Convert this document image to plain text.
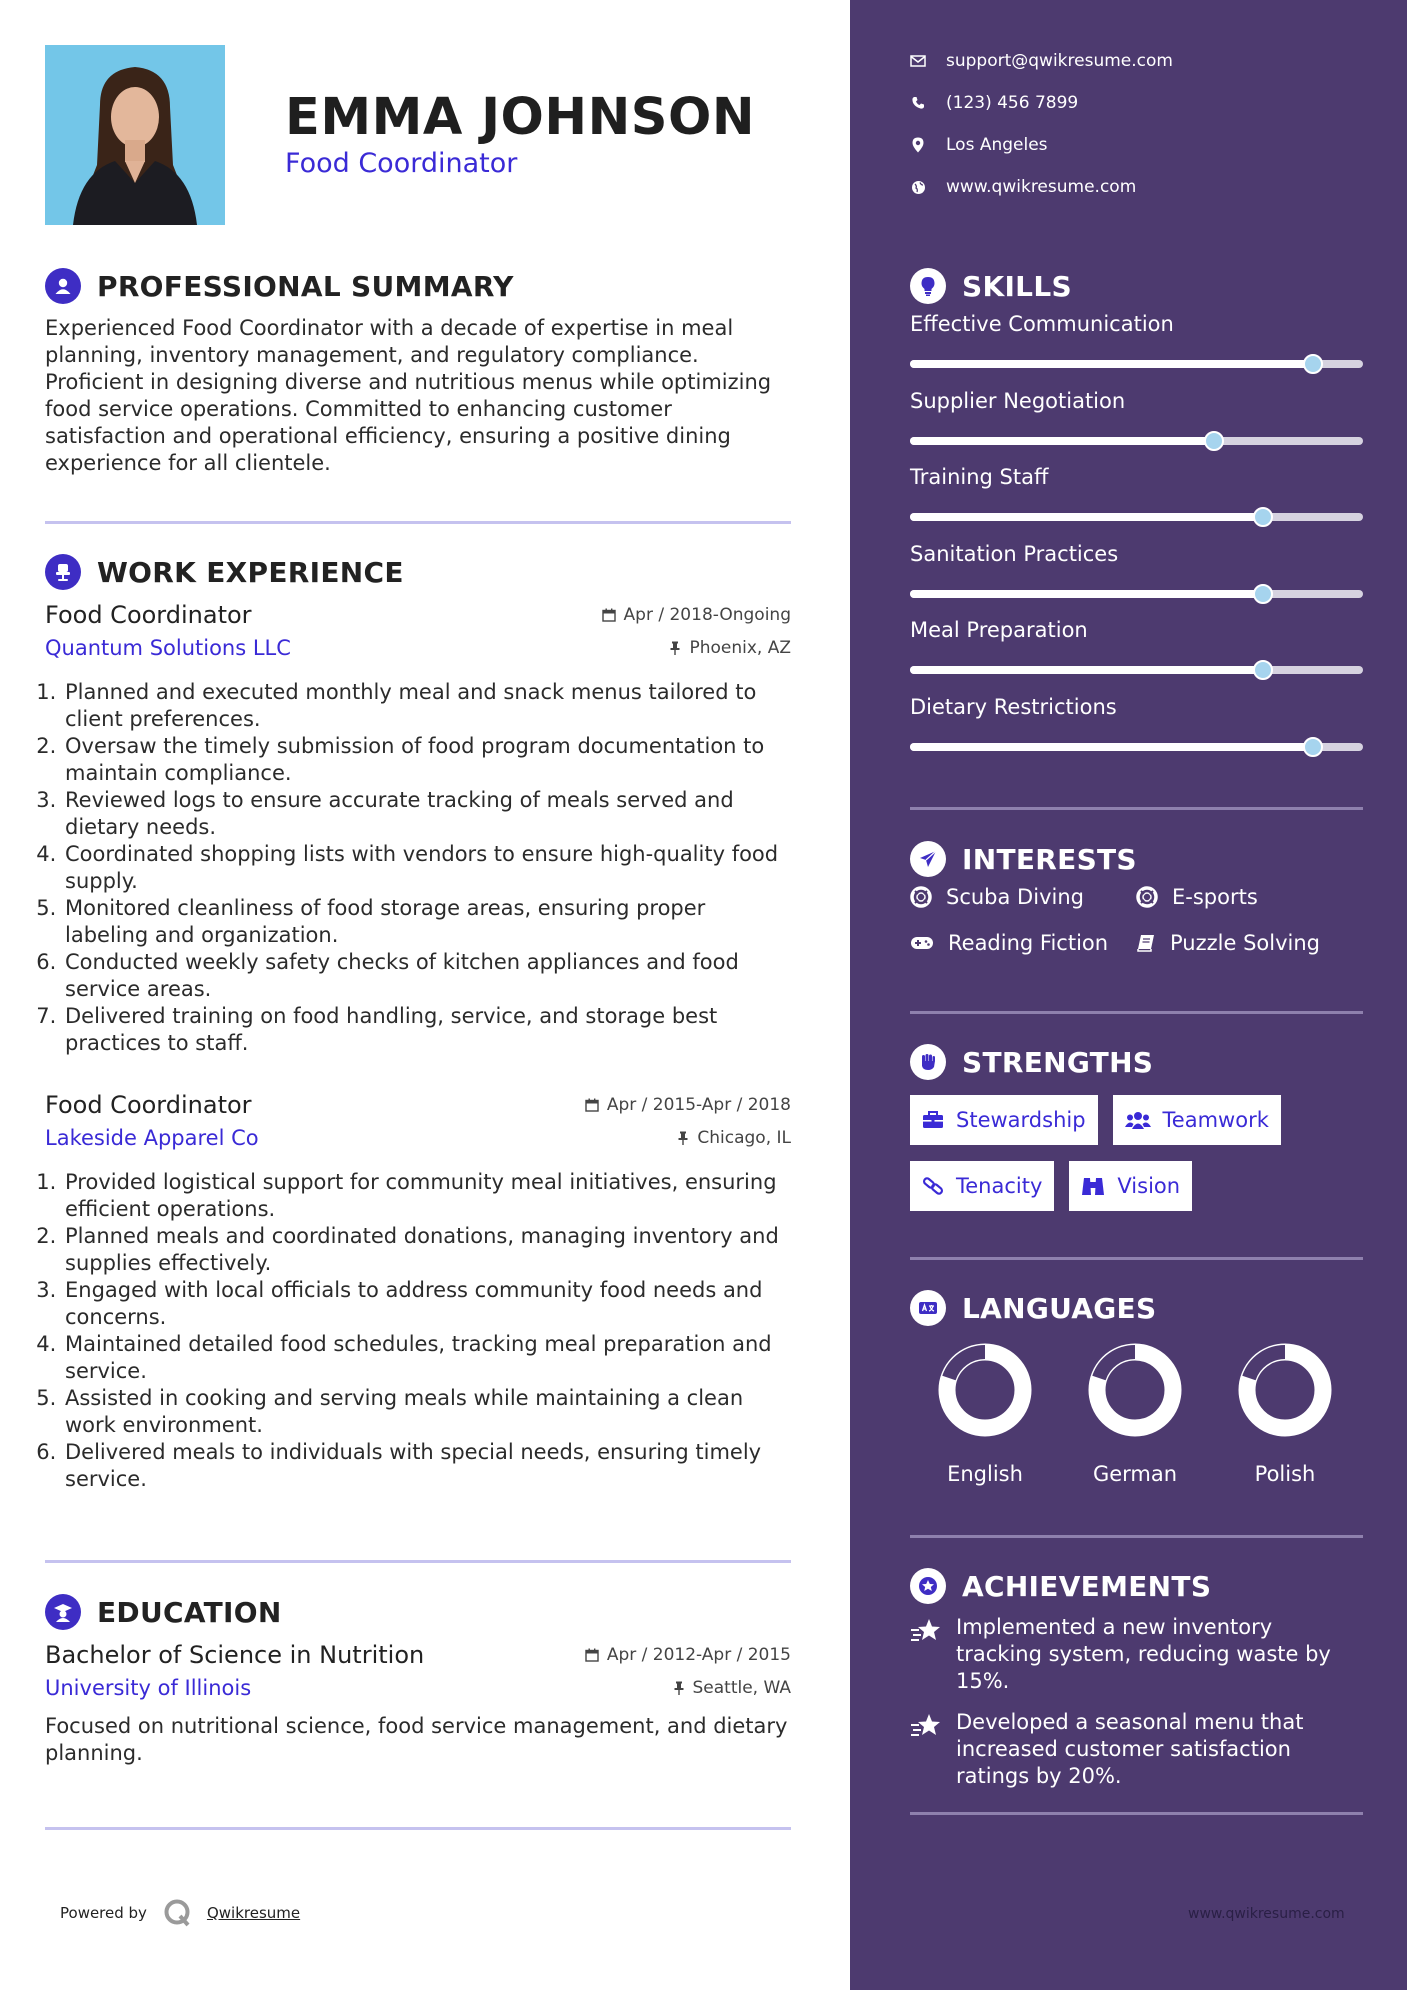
EMMA JOHNSON
Food Coordinator
PROFESSIONAL SUMMARY
Experienced Food Coordinator with a decade of expertise in meal planning, inventory management, and regulatory compliance. Proficient in designing diverse and nutritious menus while optimizing food service operations. Committed to enhancing customer satisfaction and operational efficiency, ensuring a positive dining experience for all clientele.
WORK EXPERIENCE
Food Coordinator	Apr / 2018-Ongoing
Quantum Solutions LLC	Phoenix, AZ
1. Planned and executed monthly meal and snack menus tailored to client preferences.
2. Oversaw the timely submission of food program documentation to maintain compliance.
3. Reviewed logs to ensure accurate tracking of meals served and dietary needs.
4. Coordinated shopping lists with vendors to ensure high-quality food supply.
5. Monitored cleanliness of food storage areas, ensuring proper labeling and organization.
6. Conducted weekly safety checks of kitchen appliances and food service areas.
7. Delivered training on food handling, service, and storage best practices to staff.
Food Coordinator	Apr / 2015-Apr / 2018
Lakeside Apparel Co	Chicago, IL
1. Provided logistical support for community meal initiatives, ensuring efficient operations.
2. Planned meals and coordinated donations, managing inventory and supplies effectively.
3. Engaged with local officials to address community food needs and concerns.
4. Maintained detailed food schedules, tracking meal preparation and service.
5. Assisted in cooking and serving meals while maintaining a clean work environment.
6. Delivered meals to individuals with special needs, ensuring timely service.
EDUCATION
Bachelor of Science in Nutrition	Apr / 2012-Apr / 2015
University of Illinois	Seattle, WA
Focused on nutritional science, food service management, and dietary planning.
Powered by	Qwikresume
support@qwikresume.com
(123) 456 7899
Los Angeles
www.qwikresume.com
SKILLS
Effective Communication
Supplier Negotiation
Training Staff
Sanitation Practices
Meal Preparation
Dietary Restrictions
INTERESTS
Scuba Diving	E-sports
Reading Fiction	Puzzle Solving
STRENGTHS
Stewardship	Teamwork
Tenacity	Vision
LANGUAGES
English	German	Polish
ACHIEVEMENTS
Implemented a new inventory tracking system, reducing waste by 15%.
Developed a seasonal menu that increased customer satisfaction ratings by 20%.
www.qwikresume.com
